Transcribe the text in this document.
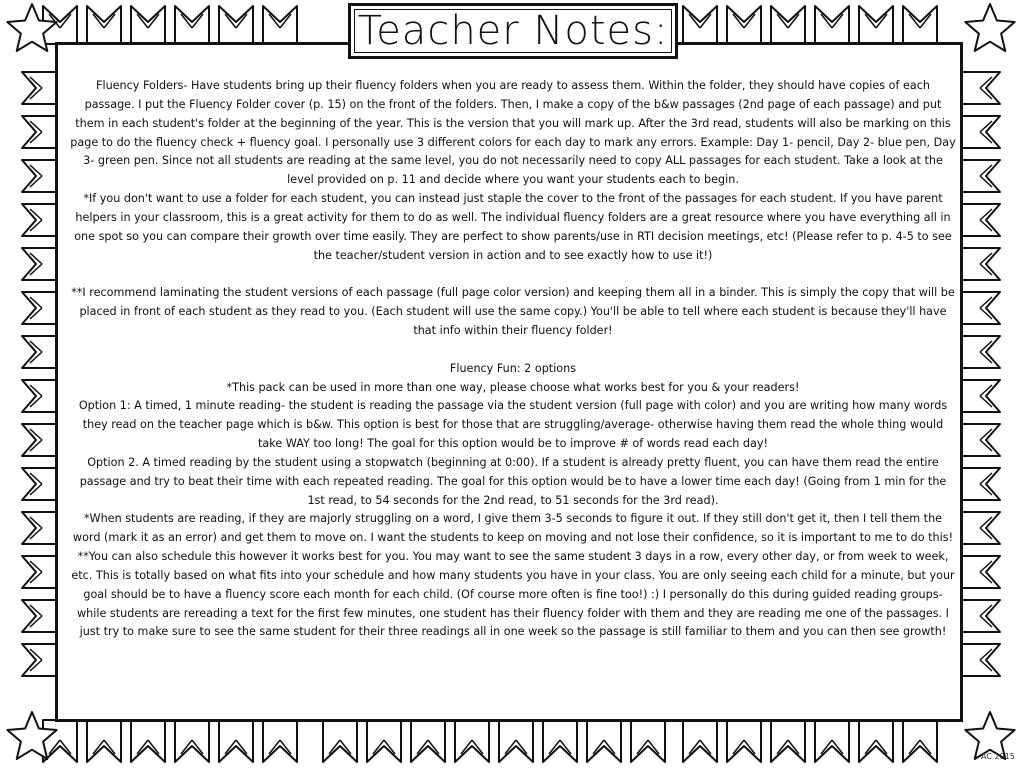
Teacher Notes:

Fluency Folders- Have students bring up their fluency folders when you are ready to assess them. Within the folder, they should have copies of each passage. I put the Fluency Folder cover (p. 15) on the front of the folders. Then, I make a copy of the b&w passages (2nd page of each passage) and put them in each student's folder at the beginning of the year. This is the version that you will mark up. After the 3rd read, students will also be marking on this page to do the fluency check + fluency goal. I personally use 3 different colors for each day to mark any errors. Example: Day 1- pencil, Day 2- blue pen, Day 3- green pen. Since not all students are reading at the same level, you do not necessarily need to copy ALL passages for each student. Take a look at the level provided on p. 11 and decide where you want your students each to begin.

*If you don't want to use a folder for each student, you can instead just staple the cover to the front of the passages for each student. If you have parent helpers in your classroom, this is a great activity for them to do as well. The individual fluency folders are a great resource where you have everything all in one spot so you can compare their growth over time easily. They are perfect to show parents/use in RTI decision meetings, etc! (Please refer to p. 4-5 to see the teacher/student version in action and to see exactly how to use it!)

**I recommend laminating the student versions of each passage (full page color version) and keeping them all in a binder. This is simply the copy that will be placed in front of each student as they read to you. (Each student will use the same copy.) You'll be able to tell where each student is because they'll have that info within their fluency folder!

Fluency Fun: 2 options

*This pack can be used in more than one way, please choose what works best for you & your readers!

Option 1: A timed, 1 minute reading- the student is reading the passage via the student version (full page with color) and you are writing how many words they read on the teacher page which is b&w. This option is best for those that are struggling/average- otherwise having them read the whole thing would take WAY too long! The goal for this option would be to improve # of words read each day!

Option 2. A timed reading by the student using a stopwatch (beginning at 0:00). If a student is already pretty fluent, you can have them read the entire passage and try to beat their time with each repeated reading. The goal for this option would be to have a lower time each day! (Going from 1 min for the 1st read, to 54 seconds for the 2nd read, to 51 seconds for the 3rd read).

*When students are reading, if they are majorly struggling on a word, I give them 3-5 seconds to figure it out. If they still don't get it, then I tell them the word (mark it as an error) and get them to move on. I want the students to keep on moving and not lose their confidence, so it is important to me to do this!

**You can also schedule this however it works best for you. You may want to see the same student 3 days in a row, every other day, or from week to week, etc. This is totally based on what fits into your schedule and how many students you have in your class. You are only seeing each child for a minute, but your goal should be to have a fluency score each month for each child. (Of course more often is fine too!) :) I personally do this during guided reading groups- while students are rereading a text for the first few minutes, one student has their fluency folder with them and they are reading me one of the passages. I just try to make sure to see the same student for their three readings all in one week so the passage is still familiar to them and you can then see growth!

AC 2015
